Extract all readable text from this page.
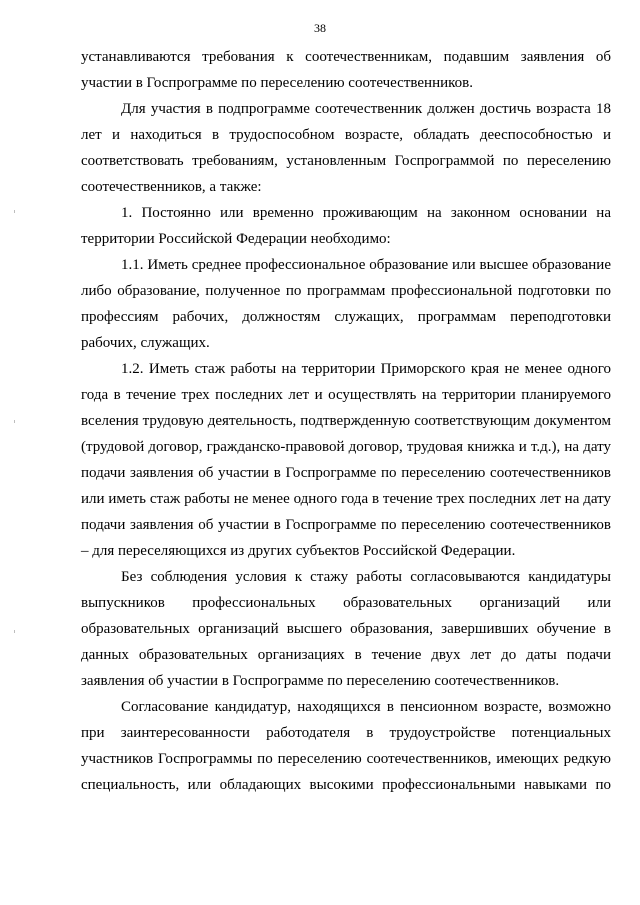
38

устанавливаются требования к соотечественникам, подавшим заявления об участии в Госпрограмме по переселению соотечественников.

Для участия в подпрограмме соотечественник должен достичь возраста 18 лет и находиться в трудоспособном возрасте, обладать дееспособностью и соответствовать требованиям, установленным Госпрограммой по переселению соотечественников, а также:

1. Постоянно или временно проживающим на законном основании на территории Российской Федерации необходимо:

1.1. Иметь среднее профессиональное образование или высшее образование либо образование, полученное по программам профессиональной подготовки по профессиям рабочих, должностям служащих, программам переподготовки рабочих, служащих.

1.2. Иметь стаж работы на территории Приморского края не менее одного года в течение трех последних лет и осуществлять на территории планируемого вселения трудовую деятельность, подтвержденную соответствующим документом (трудовой договор, гражданско-правовой договор, трудовая книжка и т.д.), на дату подачи заявления об участии в Госпрограмме по переселению соотечественников или иметь стаж работы не менее одного года в течение трех последних лет на дату подачи заявления об участии в Госпрограмме по переселению соотечественников – для переселяющихся из других субъектов Российской Федерации.

Без соблюдения условия к стажу работы согласовываются кандидатуры выпускников профессиональных образовательных организаций или образовательных организаций высшего образования, завершивших обучение в данных образовательных организациях в течение двух лет до даты подачи заявления об участии в Госпрограмме по переселению соотечественников.

Согласование кандидатур, находящихся в пенсионном возрасте, возможно при заинтересованности работодателя в трудоустройстве потенциальных участников Госпрограммы по переселению соотечественников, имеющих редкую специальность, или обладающих высокими профессиональными навыками по
